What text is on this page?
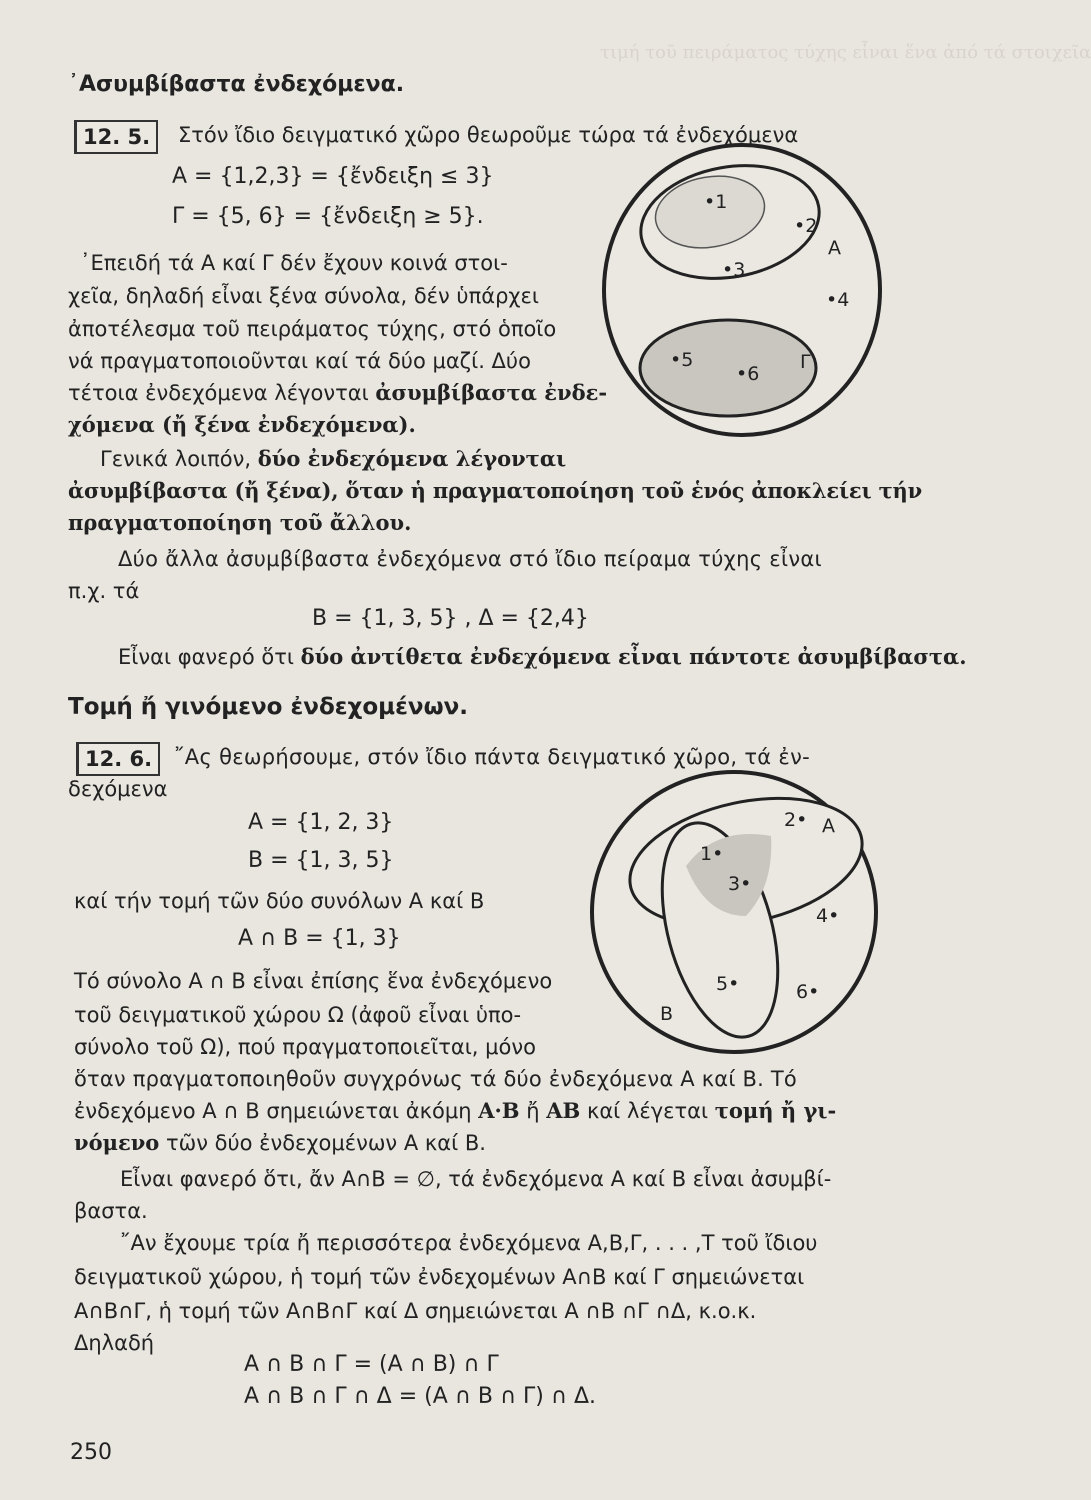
τιμή τοῦ πειράματος τύχης εἶναι ἕνα ἀπό τά στοιχεῖα
᾿Ασυμβίβαστα ἐνδεχόμενα.
12. 5.	Στόν ἴδιο δειγματικό χῶρο θεωροῦμε τώρα τά ἐνδεχόμενα
Α = {1,2,3} = {ἔνδειξη ≤ 3}
Γ = {5, 6} = {ἔνδειξη ≥ 5}.
᾿Επειδή τά Α καί Γ δέν ἔχουν κοινά στοι-
χεῖα, δηλαδή εἶναι ξένα σύνολα, δέν ὑπάρχει
ἀποτέλεσμα τοῦ πειράματος τύχης, στό ὁποῖο
νά πραγματοποιοῦνται καί τά δύο μαζί. Δύο
τέτοια ἐνδεχόμενα λέγονται ἀσυμβίβαστα ἐνδε-
χόμενα (ἤ ξένα ἐνδεχόμενα).
•1
•2
•3
•4
•5
•6
Α
Γ
Γενικά λοιπόν, δύο ἐνδεχόμενα λέγονται
ἀσυμβίβαστα (ἤ ξένα), ὅταν ἡ πραγματοποίηση τοῦ ἑνός ἀποκλείει τήν
πραγματοποίηση τοῦ ἄλλου.
Δύο ἄλλα ἀσυμβίβαστα ἐνδεχόμενα στό ἴδιο πείραμα τύχης εἶναι
π.χ. τά
Β = {1, 3, 5} , Δ = {2,4}
Εἶναι φανερό ὅτι δύο ἀντίθετα ἐνδεχόμενα εἶναι πάντοτε ἀσυμβίβαστα.
Τομή ἤ γινόμενο ἐνδεχομένων.
12. 6.	῎Ας θεωρήσουμε, στόν ἴδιο πάντα δειγματικό χῶρο, τά ἐν-
δεχόμενα
Α = {1, 2, 3}
Β = {1, 3, 5}
καί τήν τομή τῶν δύο συνόλων Α καί Β
Α ∩ Β = {1, 3}
Τό σύνολο Α ∩ Β εἶναι ἐπίσης ἕνα ἐνδεχόμενο
τοῦ δειγματικοῦ χώρου Ω (ἀφοῦ εἶναι ὑπο-
σύνολο τοῦ Ω), πού πραγματοποιεῖται, μόνο
2•
1•
3•
4•
5•	6•
Α
Β
ὅταν πραγματοποιηθοῦν συγχρόνως τά δύο ἐνδεχόμενα Α καί Β. Τό
ἐνδεχόμενο Α ∩ Β σημειώνεται ἀκόμη Α·Β ἤ ΑΒ καί λέγεται τομή ἤ γι-
νόμενο τῶν δύο ἐνδεχομένων Α καί Β.
Εἶναι φανερό ὅτι, ἄν Α∩Β = ∅, τά ἐνδεχόμενα Α καί Β εἶναι ἀσυμβί-
βαστα.
῎Αν ἔχουμε τρία ἤ περισσότερα ἐνδεχόμενα Α,Β,Γ, . . . ,Τ τοῦ ἴδιου
δειγματικοῦ χώρου, ἡ τομή τῶν ἐνδεχομένων Α∩Β καί Γ σημειώνεται
Α∩Β∩Γ, ἡ τομή τῶν Α∩Β∩Γ καί Δ σημειώνεται Α ∩Β ∩Γ ∩Δ, κ.ο.κ.
Δηλαδή
Α ∩ Β ∩ Γ = (Α ∩ Β) ∩ Γ
Α ∩ Β ∩ Γ ∩ Δ = (Α ∩ Β ∩ Γ) ∩ Δ.
250
